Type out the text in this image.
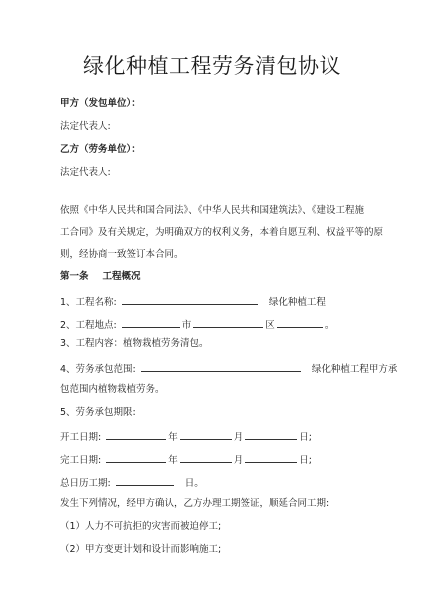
绿化种植工程劳务清包协议
甲方（发包单位）：
法定代表人:
乙方（劳务单位）：
法定代表人:
依照《中华人民共和国合同法》、《中华人民共和国建筑法》、《建设工程施
工合同》及有关规定，为明确双方的权利义务，本着自愿互利、权益平等的原
则，经协商一致签订本合同。
第一条 工程概况
1、工程名称:	绿化种植工程
2、工程地点:	市	区	。
3、工程内容：植物栽植劳务清包。
4、劳务承包范围:	绿化种植工程甲方承
包范围内植物栽植劳务。
5、劳务承包期限:
开工日期:	年	月	日;
完工日期:	年	月	日;
总日历工期:	日。
发生下列情况，经甲方确认，乙方办理工期签证，顺延合同工期:
（1）人力不可抗拒的灾害而被迫停工;
（2）甲方变更计划和设计而影响施工;
